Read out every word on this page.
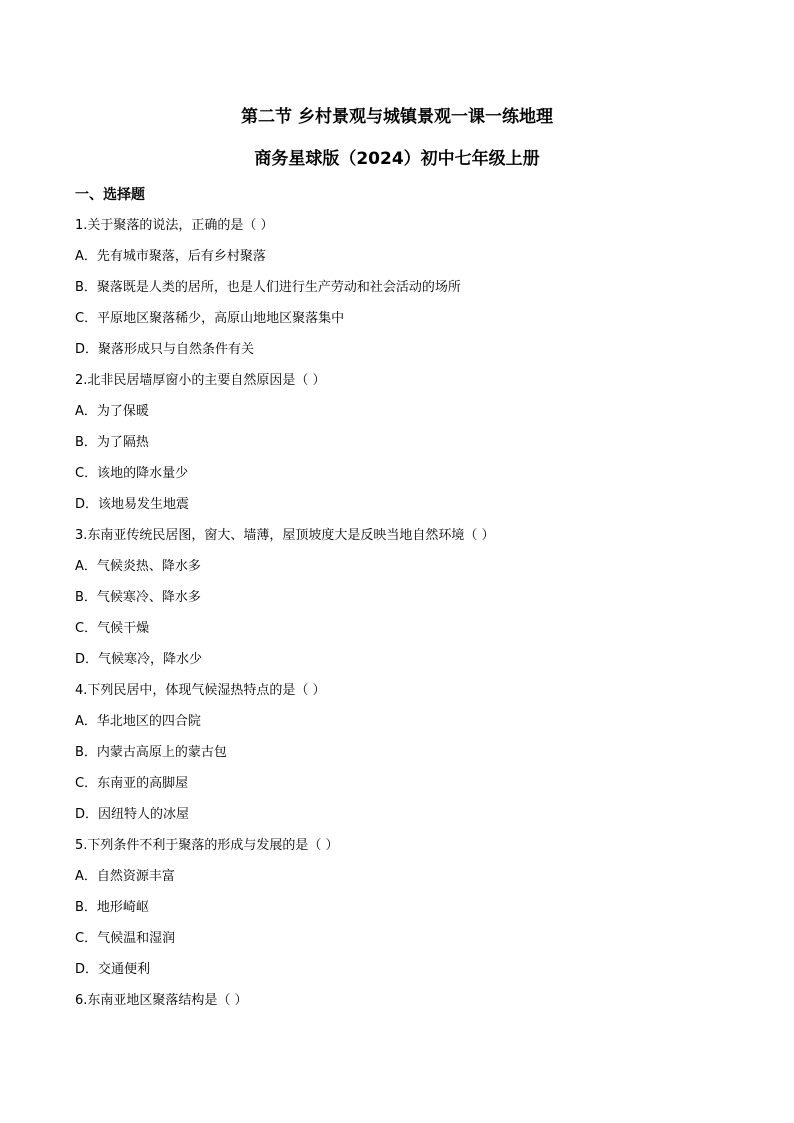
第二节 乡村景观与城镇景观一课一练地理
商务星球版（2024）初中七年级上册
一、选择题
1.关于聚落的说法，正确的是（ ）
A．先有城市聚落，后有乡村聚落
B．聚落既是人类的居所，也是人们进行生产劳动和社会活动的场所
C．平原地区聚落稀少，高原山地地区聚落集中
D．聚落形成只与自然条件有关
2.北非民居墙厚窗小的主要自然原因是（ ）
A．为了保暖
B．为了隔热
C．该地的降水量少
D．该地易发生地震
3.东南亚传统民居图，窗大、墙薄，屋顶坡度大是反映当地自然环境（ ）
A．气候炎热、降水多
B．气候寒冷、降水多
C．气候干燥
D．气候寒冷，降水少
4.下列民居中，体现气候湿热特点的是（ ）
A．华北地区的四合院
B．内蒙古高原上的蒙古包
C．东南亚的高脚屋
D．因纽特人的冰屋
5.下列条件不利于聚落的形成与发展的是（ ）
A．自然资源丰富
B．地形崎岖
C．气候温和湿润
D．交通便利
6.东南亚地区聚落结构是（ ）
